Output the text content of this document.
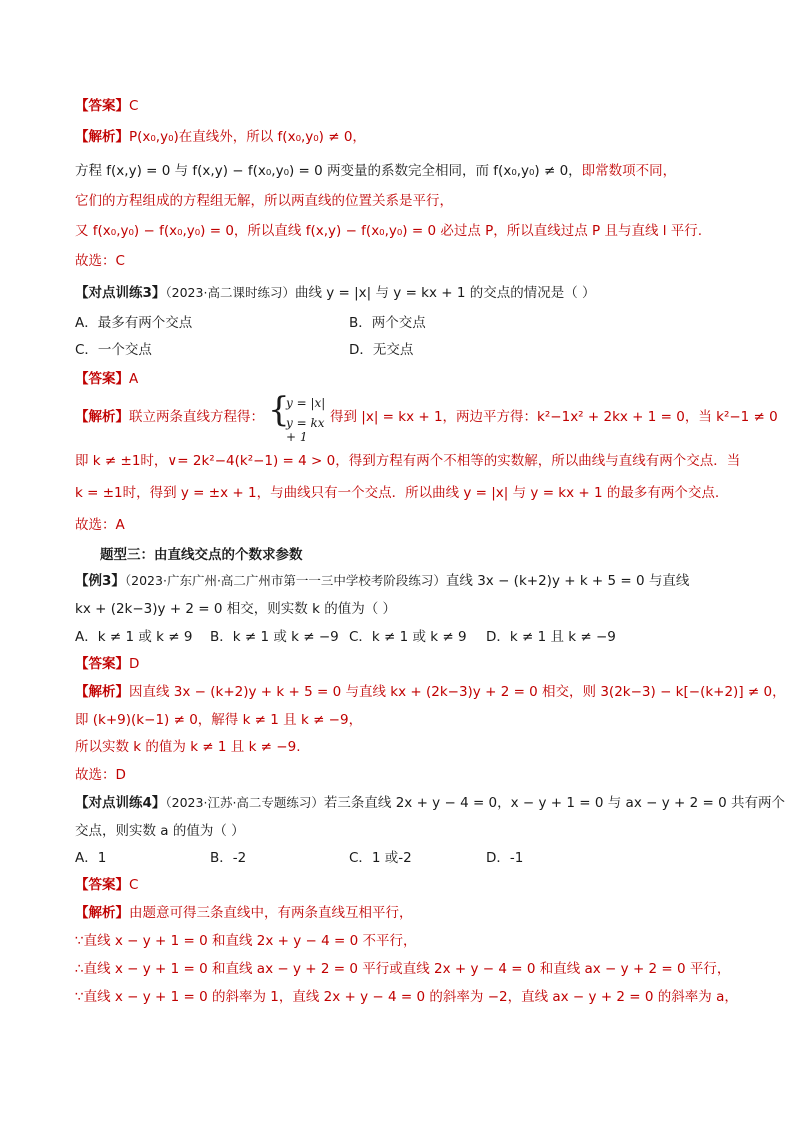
【答案】C
【解析】P(x₀,y₀)在直线外，所以 f(x₀,y₀) ≠ 0，
方程 f(x,y) = 0 与 f(x,y) − f(x₀,y₀) = 0 两变量的系数完全相同，而 f(x₀,y₀) ≠ 0，即常数项不同，
它们的方程组成的方程组无解，所以两直线的位置关系是平行，
又 f(x₀,y₀) − f(x₀,y₀) = 0，所以直线 f(x,y) − f(x₀,y₀) = 0 必过点 P，所以直线过点 P 且与直线 l 平行.
故选：C
【对点训练3】（2023·高二课时练习）曲线 y = |x| 与 y = kx + 1 的交点的情况是（ ）
A．最多有两个交点	B．两个交点
C．一个交点	D．无交点
【答案】A
【解析】联立两条直线方程得： {
y = |x|
y = kx + 1
得到 |x| = kx + 1，两边平方得：k²−1x² + 2kx + 1 = 0，当 k²−1 ≠ 0
即 k ≠ ±1时，∨= 2k²−4(k²−1) = 4 > 0，得到方程有两个不相等的实数解，所以曲线与直线有两个交点．当
k = ±1时，得到 y = ±x + 1，与曲线只有一个交点．所以曲线 y = |x| 与 y = kx + 1 的最多有两个交点.
故选：A
题型三：由直线交点的个数求参数
【例3】（2023·广东广州·高二广州市第一一三中学校考阶段练习）直线 3x − (k+2)y + k + 5 = 0 与直线
kx + (2k−3)y + 2 = 0 相交，则实数 k 的值为（ ）
A．k ≠ 1 或 k ≠ 9 B．k ≠ 1 或 k ≠ −9 C．k ≠ 1 或 k ≠ 9 D．k ≠ 1 且 k ≠ −9
【答案】D
【解析】因直线 3x − (k+2)y + k + 5 = 0 与直线 kx + (2k−3)y + 2 = 0 相交，则 3(2k−3) − k[−(k+2)] ≠ 0，
即 (k+9)(k−1) ≠ 0，解得 k ≠ 1 且 k ≠ −9，
所以实数 k 的值为 k ≠ 1 且 k ≠ −9.
故选：D
【对点训练4】（2023·江苏·高二专题练习）若三条直线 2x + y − 4 = 0，x − y + 1 = 0 与 ax − y + 2 = 0 共有两个
交点，则实数 a 的值为（ ）
A．1	B．-2	C．1 或-2	D．-1
【答案】C
【解析】由题意可得三条直线中，有两条直线互相平行，
∵直线 x − y + 1 = 0 和直线 2x + y − 4 = 0 不平行，
∴直线 x − y + 1 = 0 和直线 ax − y + 2 = 0 平行或直线 2x + y − 4 = 0 和直线 ax − y + 2 = 0 平行，
∵直线 x − y + 1 = 0 的斜率为 1，直线 2x + y − 4 = 0 的斜率为 −2，直线 ax − y + 2 = 0 的斜率为 a，
